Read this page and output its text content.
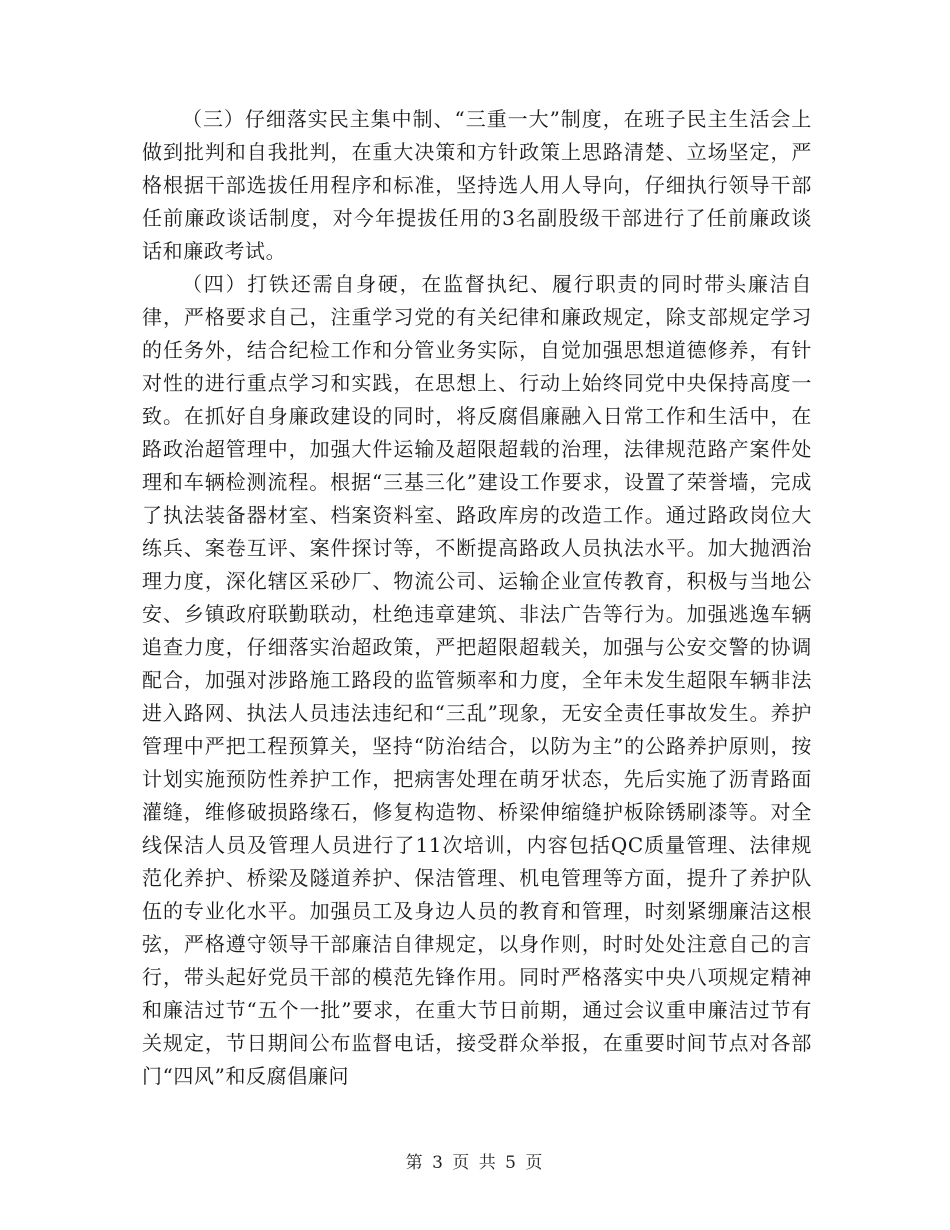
（三）仔细落实民主集中制、“三重一大”制度，在班子民主生活会上做到批判和自我批判，在重大决策和方针政策上思路清楚、立场坚定，严格根据干部选拔任用程序和标准，坚持选人用人导向，仔细执行领导干部任前廉政谈话制度，对今年提拔任用的3名副股级干部进行了任前廉政谈话和廉政考试。

（四）打铁还需自身硬，在监督执纪、履行职责的同时带头廉洁自律，严格要求自己，注重学习党的有关纪律和廉政规定，除支部规定学习的任务外，结合纪检工作和分管业务实际，自觉加强思想道德修养，有针对性的进行重点学习和实践，在思想上、行动上始终同党中央保持高度一致。在抓好自身廉政建设的同时，将反腐倡廉融入日常工作和生活中，在路政治超管理中，加强大件运输及超限超载的治理，法律规范路产案件处理和车辆检测流程。根据“三基三化”建设工作要求，设置了荣誉墙，完成了执法装备器材室、档案资料室、路政库房的改造工作。通过路政岗位大练兵、案卷互评、案件探讨等，不断提高路政人员执法水平。加大抛洒治理力度，深化辖区采砂厂、物流公司、运输企业宣传教育，积极与当地公安、乡镇政府联勤联动，杜绝违章建筑、非法广告等行为。加强逃逸车辆追查力度，仔细落实治超政策，严把超限超载关，加强与公安交警的协调配合，加强对涉路施工路段的监管频率和力度，全年未发生超限车辆非法进入路网、执法人员违法违纪和“三乱”现象，无安全责任事故发生。养护管理中严把工程预算关，坚持“防治结合，以防为主”的公路养护原则，按计划实施预防性养护工作，把病害处理在萌牙状态，先后实施了沥青路面灌缝，维修破损路缘石，修复构造物、桥梁伸缩缝护板除锈刷漆等。对全线保洁人员及管理人员进行了11次培训，内容包括QC质量管理、法律规范化养护、桥梁及隧道养护、保洁管理、机电管理等方面，提升了养护队伍的专业化水平。加强员工及身边人员的教育和管理，时刻紧绷廉洁这根弦，严格遵守领导干部廉洁自律规定，以身作则，时时处处注意自己的言行，带头起好党员干部的模范先锋作用。同时严格落实中央八项规定精神和廉洁过节“五个一批”要求，在重大节日前期，通过会议重申廉洁过节有关规定，节日期间公布监督电话，接受群众举报，在重要时间节点对各部门“四风”和反腐倡廉问

第 3 页 共 5 页
